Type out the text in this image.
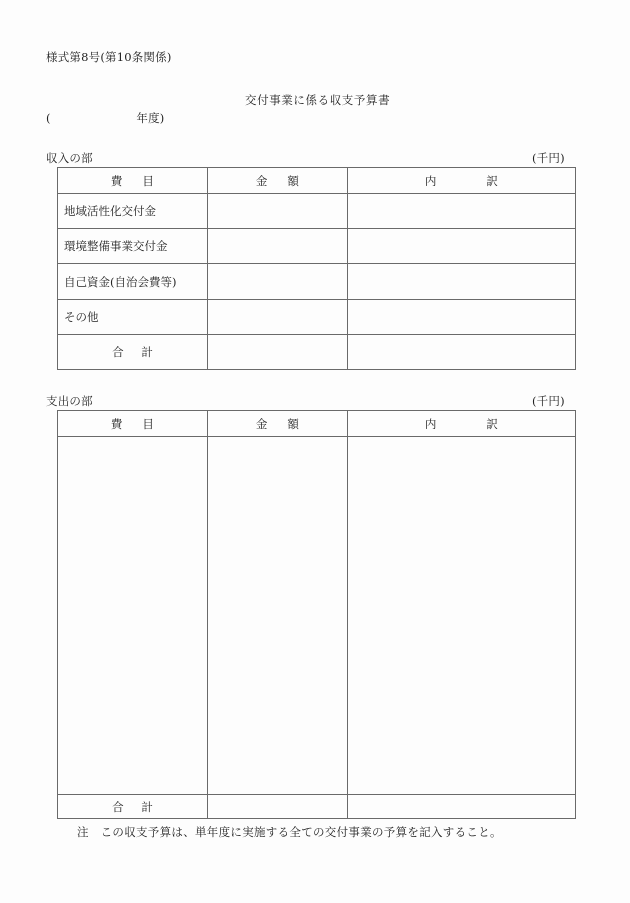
様式第8号(第10条関係)
交付事業に係る収支予算書
(	年度)
収入の部	(千円)
費 目	金 額	内 訳
地域活性化交付金		
環境整備事業交付金		
自己資金(自治会費等)		
その他		
合 計		
支出の部	(千円)
費 目	金 額	内 訳

合 計		
注　この収支予算は、単年度に実施する全ての交付事業の予算を記入すること。
